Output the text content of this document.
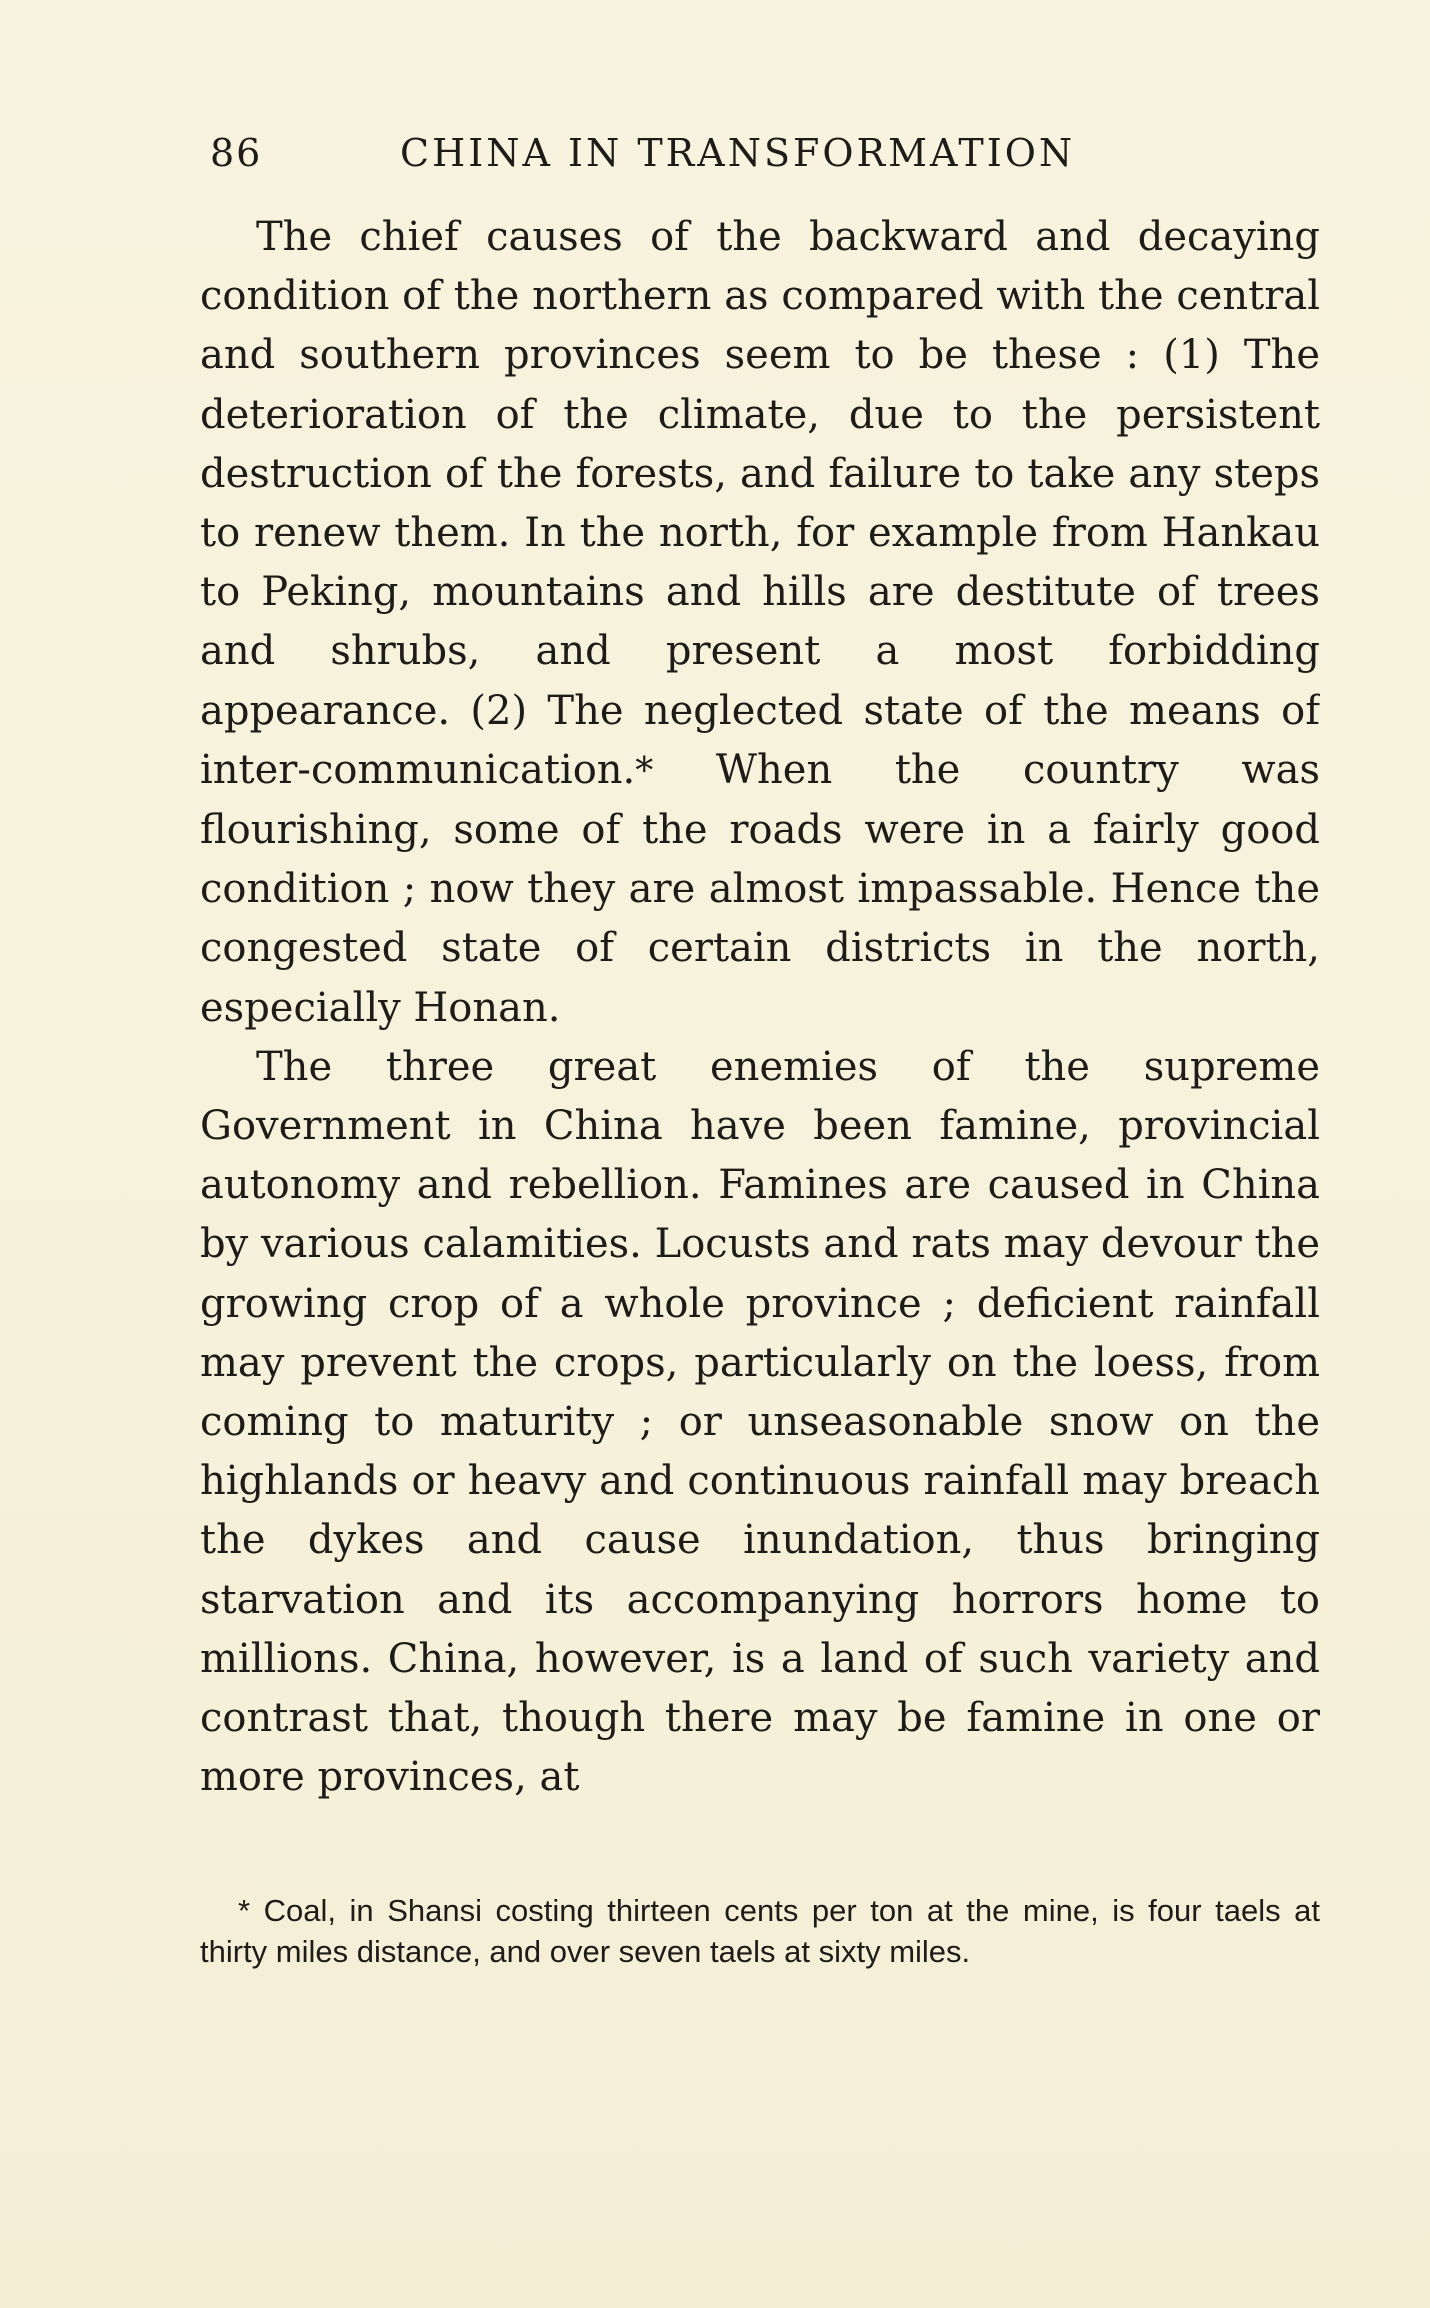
86	CHINA IN TRANSFORMATION

The chief causes of the backward and decaying condition of the northern as compared with the central and southern provinces seem to be these : (1) The deterioration of the climate, due to the persistent destruction of the forests, and failure to take any steps to renew them. In the north, for example from Hankau to Peking, mountains and hills are destitute of trees and shrubs, and present a most forbidding appearance. (2) The neglected state of the means of inter-communication.* When the country was flourishing, some of the roads were in a fairly good condition ; now they are almost impassable. Hence the congested state of certain districts in the north, especially Honan.

The three great enemies of the supreme Government in China have been famine, provincial autonomy and rebellion. Famines are caused in China by various calamities. Locusts and rats may devour the growing crop of a whole province ; deficient rainfall may prevent the crops, particularly on the loess, from coming to maturity ; or unseasonable snow on the highlands or heavy and continuous rainfall may breach the dykes and cause inundation, thus bringing starvation and its accompanying horrors home to millions. China, however, is a land of such variety and contrast that, though there may be famine in one or more provinces, at

* Coal, in Shansi costing thirteen cents per ton at the mine, is four taels at thirty miles distance, and over seven taels at sixty miles.
